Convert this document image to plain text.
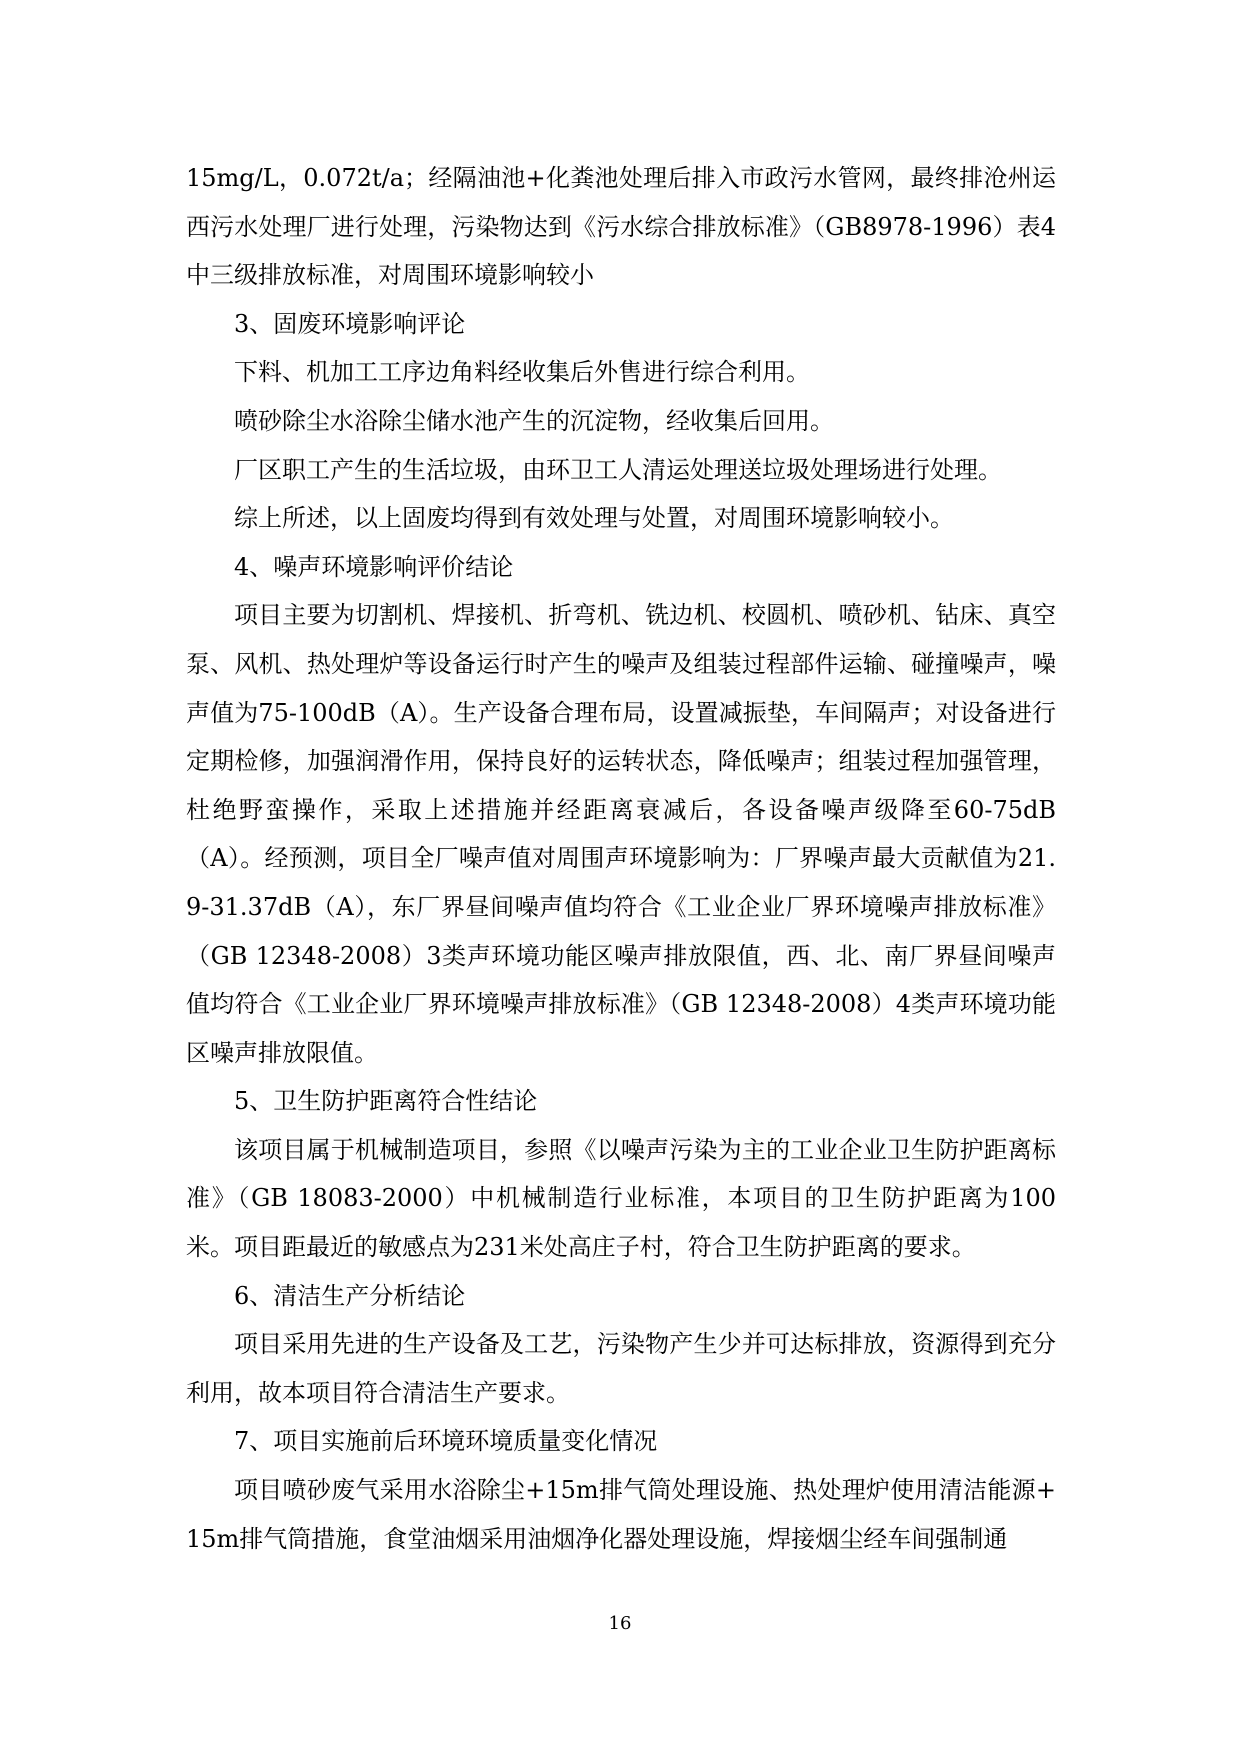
15mg/L，0.072t/a；经隔油池+化粪池处理后排入市政污水管网，最终排沧州运西污水处理厂进行处理，污染物达到《污水综合排放标准》（GB8978-1996）表4中三级排放标准，对周围环境影响较小

3、固废环境影响评论

下料、机加工工序边角料经收集后外售进行综合利用。

喷砂除尘水浴除尘储水池产生的沉淀物，经收集后回用。

厂区职工产生的生活垃圾，由环卫工人清运处理送垃圾处理场进行处理。

综上所述，以上固废均得到有效处理与处置，对周围环境影响较小。

4、噪声环境影响评价结论

项目主要为切割机、焊接机、折弯机、铣边机、校圆机、喷砂机、钻床、真空泵、风机、热处理炉等设备运行时产生的噪声及组装过程部件运输、碰撞噪声，噪声值为75-100dB（A）。生产设备合理布局，设置减振垫，车间隔声；对设备进行定期检修，加强润滑作用，保持良好的运转状态，降低噪声；组装过程加强管理，杜绝野蛮操作，采取上述措施并经距离衰减后，各设备噪声级降至60-75dB（A）。经预测，项目全厂噪声值对周围声环境影响为：厂界噪声最大贡献值为21.9-31.37dB（A），东厂界昼间噪声值均符合《工业企业厂界环境噪声排放标准》（GB 12348-2008）3类声环境功能区噪声排放限值，西、北、南厂界昼间噪声值均符合《工业企业厂界环境噪声排放标准》（GB 12348-2008）4类声环境功能区噪声排放限值。

5、卫生防护距离符合性结论

该项目属于机械制造项目，参照《以噪声污染为主的工业企业卫生防护距离标准》（GB 18083-2000）中机械制造行业标准，本项目的卫生防护距离为100米。项目距最近的敏感点为231米处高庄子村，符合卫生防护距离的要求。

6、清洁生产分析结论

项目采用先进的生产设备及工艺，污染物产生少并可达标排放，资源得到充分利用，故本项目符合清洁生产要求。

7、项目实施前后环境环境质量变化情况

项目喷砂废气采用水浴除尘+15m排气筒处理设施、热处理炉使用清洁能源+15m排气筒措施，食堂油烟采用油烟净化器处理设施，焊接烟尘经车间强制通

16
